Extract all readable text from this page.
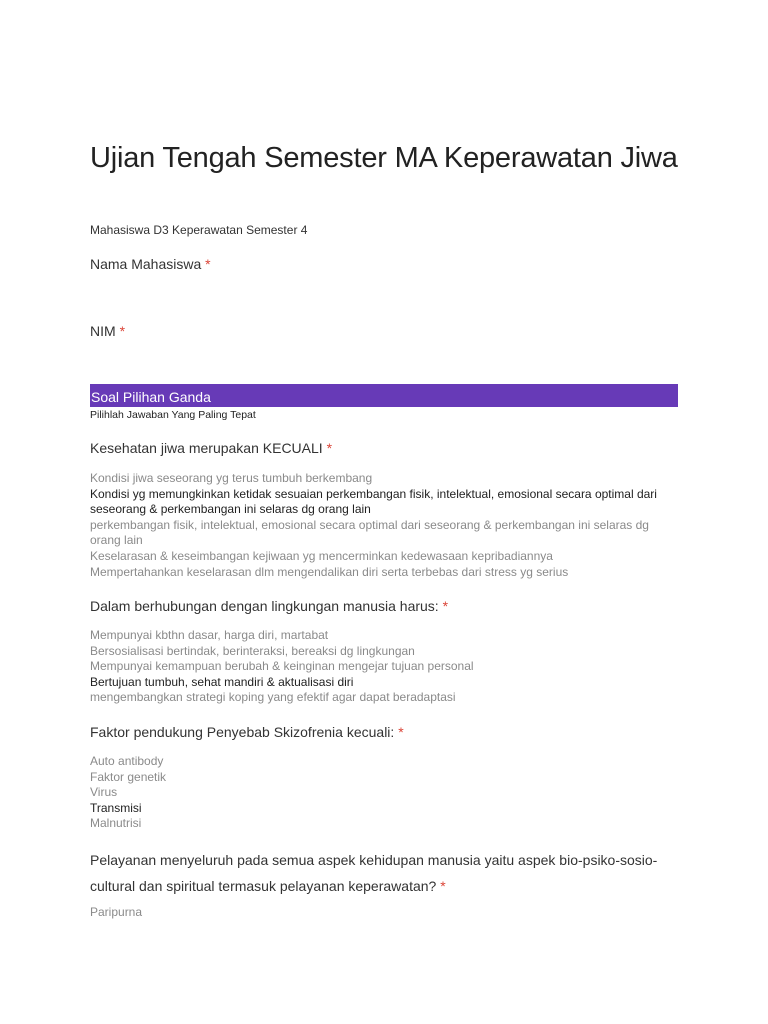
Ujian Tengah Semester MA Keperawatan Jiwa
Mahasiswa D3 Keperawatan Semester 4
Nama Mahasiswa *
NIM *
Soal Pilihan Ganda
Pilihlah Jawaban Yang Paling Tepat
Kesehatan jiwa merupakan KECUALI *
Kondisi jiwa seseorang yg terus tumbuh berkembang
Kondisi yg memungkinkan ketidak sesuaian perkembangan fisik, intelektual, emosional secara optimal dari seseorang & perkembangan ini selaras dg orang lain
perkembangan fisik, intelektual, emosional secara optimal dari seseorang & perkembangan ini selaras dg orang lain
Keselarasan & keseimbangan kejiwaan yg mencerminkan kedewasaan kepribadiannya
Mempertahankan keselarasan dlm mengendalikan diri serta terbebas dari stress yg serius
Dalam berhubungan dengan lingkungan manusia harus: *
Mempunyai kbthn dasar, harga diri, martabat
Bersosialisasi bertindak, berinteraksi, bereaksi dg lingkungan
Mempunyai kemampuan berubah & keinginan mengejar tujuan personal
Bertujuan tumbuh, sehat mandiri & aktualisasi diri
mengembangkan strategi koping yang efektif agar dapat beradaptasi
Faktor pendukung Penyebab Skizofrenia kecuali: *
Auto antibody
Faktor genetik
Virus
Transmisi
Malnutrisi
Pelayanan menyeluruh pada semua aspek kehidupan manusia yaitu aspek bio-psiko-sosio-cultural dan spiritual termasuk pelayanan keperawatan? *
Paripurna
